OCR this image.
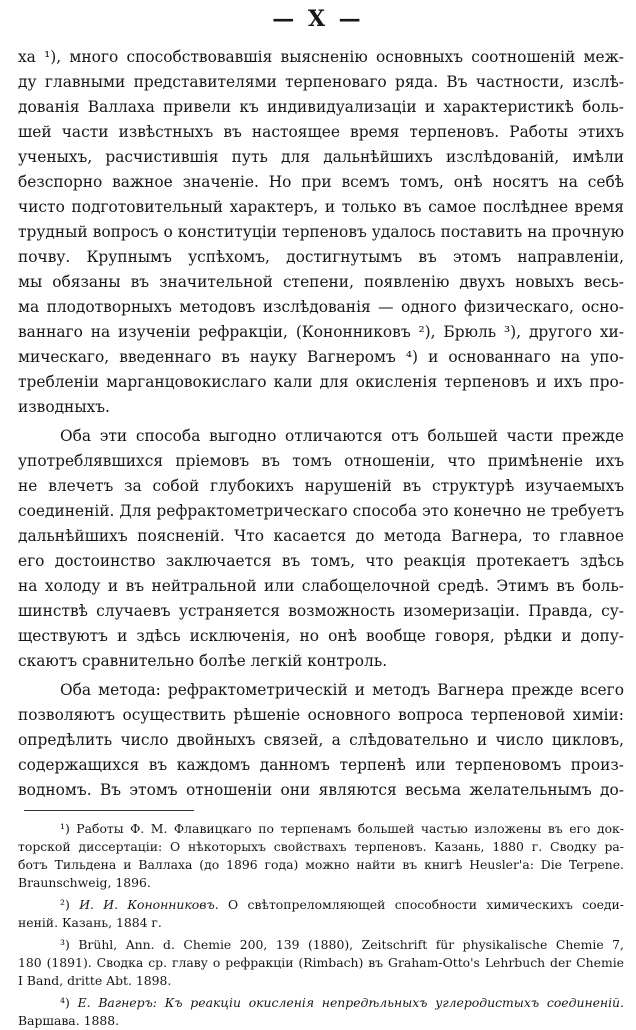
— X —
ха ¹), много способствовавшія выясненію основныхъ соотношеній меж-
ду главными представителями терпеноваго ряда. Въ частности, изслѣ-
дованія Валлаха привели къ индивидуализаціи и характеристикѣ боль-
шей части извѣстныхъ въ настоящее время терпеновъ. Работы этихъ
ученыхъ, расчистившія путь для дальнѣйшихъ изслѣдованій, имѣли
безспорно важное значеніе. Но при всемъ томъ, онѣ носятъ на себѣ
чисто подготовительный характеръ, и только въ самое послѣднее время
трудный вопросъ о конституціи терпеновъ удалось поставить на прочную
почву. Крупнымъ успѣхомъ, достигнутымъ въ этомъ направленіи,
мы обязаны въ значительной степени, появленію двухъ новыхъ весь-
ма плодотворныхъ методовъ изслѣдованія — одного физическаго, осно-
ваннаго на изученіи рефракціи, (Кононниковъ ²), Брюль ³), другого хи-
мическаго, введеннаго въ науку Вагнеромъ ⁴) и основаннаго на упо-
требленіи марганцовокислаго кали для окисленія терпеновъ и ихъ про-
изводныхъ.
Оба эти способа выгодно отличаются отъ большей части прежде
употреблявшихся пріемовъ въ томъ отношеніи, что примѣненіе ихъ
не влечетъ за собой глубокихъ нарушеній въ структурѣ изучаемыхъ
соединеній. Для рефрактометрическаго способа это конечно не требуетъ
дальнѣйшихъ поясненій. Что касается до метода Вагнера, то главное
его достоинство заключается въ томъ, что реакція протекаетъ здѣсь
на холоду и въ нейтральной или слабощелочной средѣ. Этимъ въ боль-
шинствѣ случаевъ устраняется возможность изомеризаціи. Правда, су-
ществуютъ и здѣсь исключенія, но онѣ вообще говоря, рѣдки и допу-
скаютъ сравнительно болѣе легкій контроль.
Оба метода: рефрактометрическій и методъ Вагнера прежде всего
позволяютъ осуществить рѣшеніе основного вопроса терпеновой химіи:
опредѣлить число двойныхъ связей, а слѣдовательно и число цикловъ,
содержащихся въ каждомъ данномъ терпенѣ или терпеновомъ произ-
водномъ. Въ этомъ отношеніи они являются весьма желательнымъ до-
¹) Работы Ф. М. Флавицкаго по терпенамъ большей частью изложены въ его док-
торской диссертаціи: О нѣкоторыхъ свойствахъ терпеновъ. Казань, 1880 г. Сводку ра-
ботъ Тильдена и Валлаха (до 1896 года) можно найти въ книгѣ Heusler'a: Die Terpene.
Braunschweig, 1896.
²) И. И. Кононниковъ. О свѣтопреломляющей способности химическихъ соеди-
неній. Казань, 1884 г.
³) Brühl, Ann. d. Chemie 200, 139 (1880), Zeitschrift für physikalische Chemie 7,
180 (1891). Сводка ср. главу о рефракціи (Rimbach) въ Graham-Otto's Lehrbuch der Chemie
I Band, dritte Abt. 1898.
⁴) Е. Вагнеръ: Къ реакціи окисленія непредѣльныхъ углеродистыхъ соединеній.
Варшава. 1888.
